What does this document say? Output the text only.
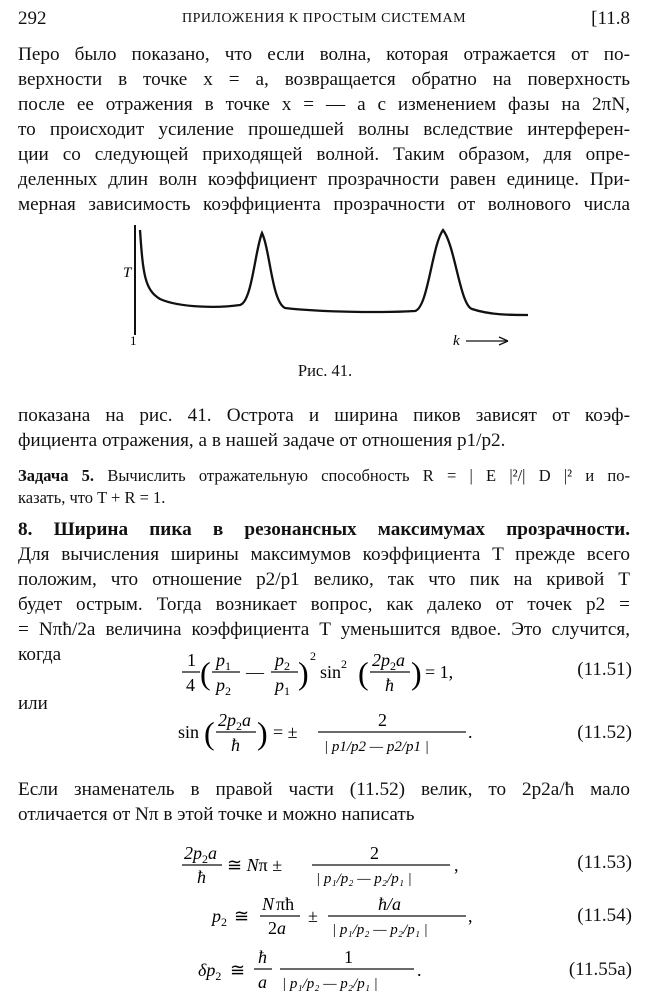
292	ПРИЛОЖЕНИЯ К ПРОСТЫМ СИСТЕМАМ	[11.8
Перо было показано, что если волна, которая отражается от по-
верхности в точке x = a, возвращается обратно на поверхность
после ее отражения в точке x = — a с изменением фазы на 2πN,
то происходит усиление прошедшей волны вследствие интерферен-
ции со следующей приходящей волной. Таким образом, для опре-
деленных длин волн коэффициент прозрачности равен единице. При-
мерная зависимость коэффициента прозрачности от волнового числа
T
1	k
Рис. 41.
показана на рис. 41. Острота и ширина пиков зависят от коэф-
фициента отражения, а в нашей задаче от отношения p1/p2.
Задача 5. Вычислить отражательную способность R = | E |²/| D |² и по-
казать, что T + R = 1.
8. Ширина пика в резонансных максимумах прозрачности.
Для вычисления ширины максимумов коэффициента T прежде всего
положим, что отношение p2/p1 велико, так что пик на кривой T
будет острым. Тогда возникает вопрос, как далеко от точек p2 =
= Nπħ/2a величина коэффициента T уменьшится вдвое. Это случится,
когда	1
4 ( $p_1$
$p_2$
—
$p_2$
$p_1$ ) 2
$\sin^2$ ( $2p_2a$
ħ ) = 1,	(11.51)
или
sin ( $2p_2a$
ħ ) = ±
2
| p1/p2 — p2/p1 |
.	(11.52)
Если знаменатель в правой части (11.52) велик, то 2p2a/ħ мало
отличается от Nπ в этой точке и можно написать
$2p_2a$
ħ
≅ Nπ ±
2
| p₁/p₂ — p₂/p₁ |
,	(11.53)
$p_2$ ≅
N πħ
2a
±
ħ/a
| p₁/p₂ — p₂/p₁ |
,	(11.54)
$\delta p_2$ ≅
ħ
a
1
| p₁/p₂ — p₂/p₁ |
.	(11.55a)
